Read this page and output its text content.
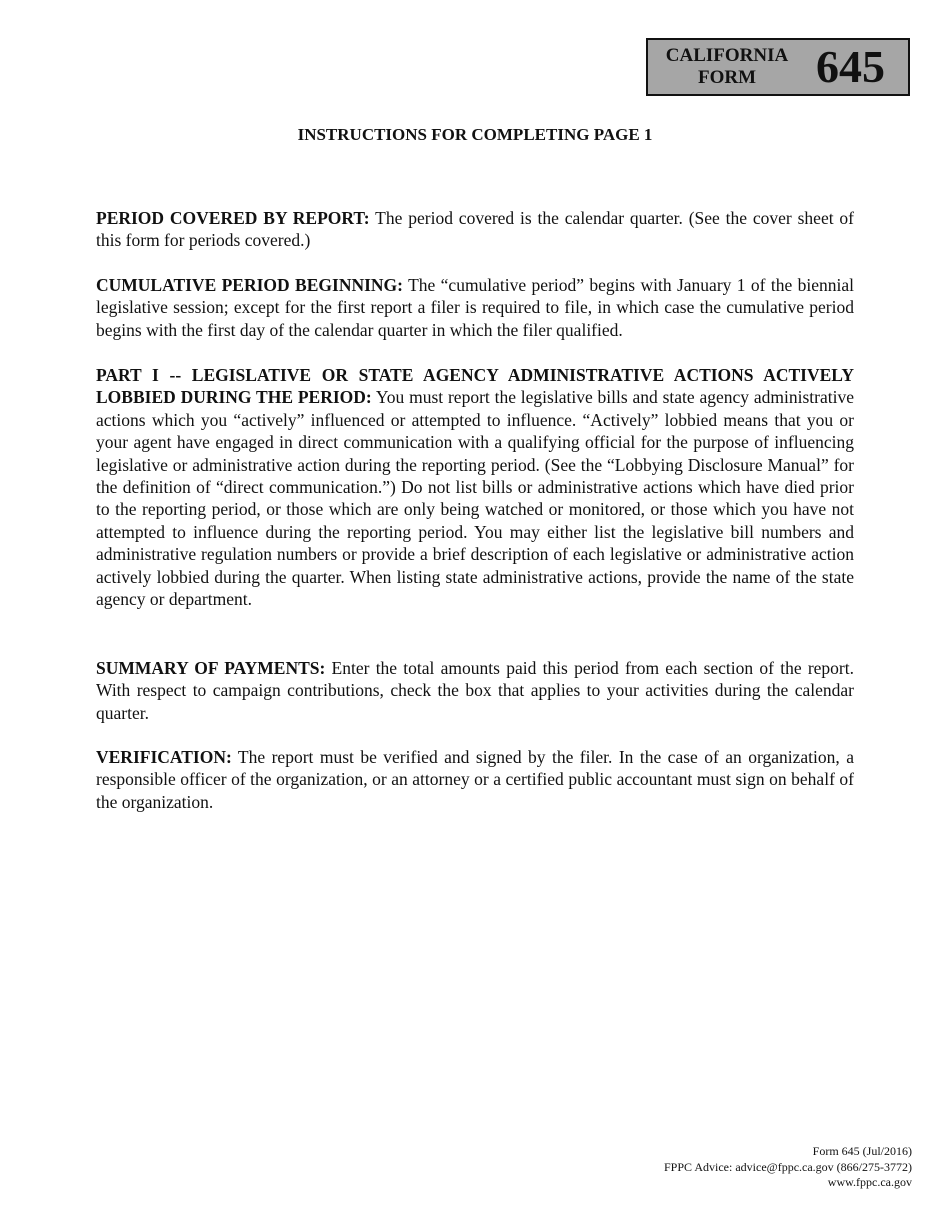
CALIFORNIA
FORM	645
INSTRUCTIONS FOR COMPLETING PAGE 1

PERIOD COVERED BY REPORT: The period covered is the calendar quarter. (See the cover sheet of this form for periods covered.)

CUMULATIVE PERIOD BEGINNING: The “cumulative period” begins with January 1 of the biennial legislative session; except for the first report a filer is required to file, in which case the cumulative period begins with the first day of the calendar quarter in which the filer qualified.

PART I -- LEGISLATIVE OR STATE AGENCY ADMINISTRATIVE ACTIONS ACTIVELY LOBBIED DURING THE PERIOD: You must report the legislative bills and state agency administrative actions which you “actively” influenced or attempted to influence. “Actively” lobbied means that you or your agent have engaged in direct communication with a qualifying official for the purpose of influencing legislative or administrative action during the reporting period. (See the “Lobbying Disclosure Manual” for the definition of “direct communication.”) Do not list bills or administrative actions which have died prior to the reporting period, or those which are only being watched or monitored, or those which you have not attempted to influence during the reporting period. You may either list the legislative bill numbers and administrative regulation numbers or provide a brief description of each legislative or administrative action actively lobbied during the quarter. When listing state administrative actions, provide the name of the state agency or department.

SUMMARY OF PAYMENTS: Enter the total amounts paid this period from each section of the report. With respect to campaign contributions, check the box that applies to your activities during the calendar quarter.

VERIFICATION: The report must be verified and signed by the filer. In the case of an organization, a responsible officer of the organization, or an attorney or a certified public accountant must sign on behalf of the organization.

Form 645 (Jul/2016)
FPPC Advice: advice@fppc.ca.gov (866/275-3772)
www.fppc.ca.gov
